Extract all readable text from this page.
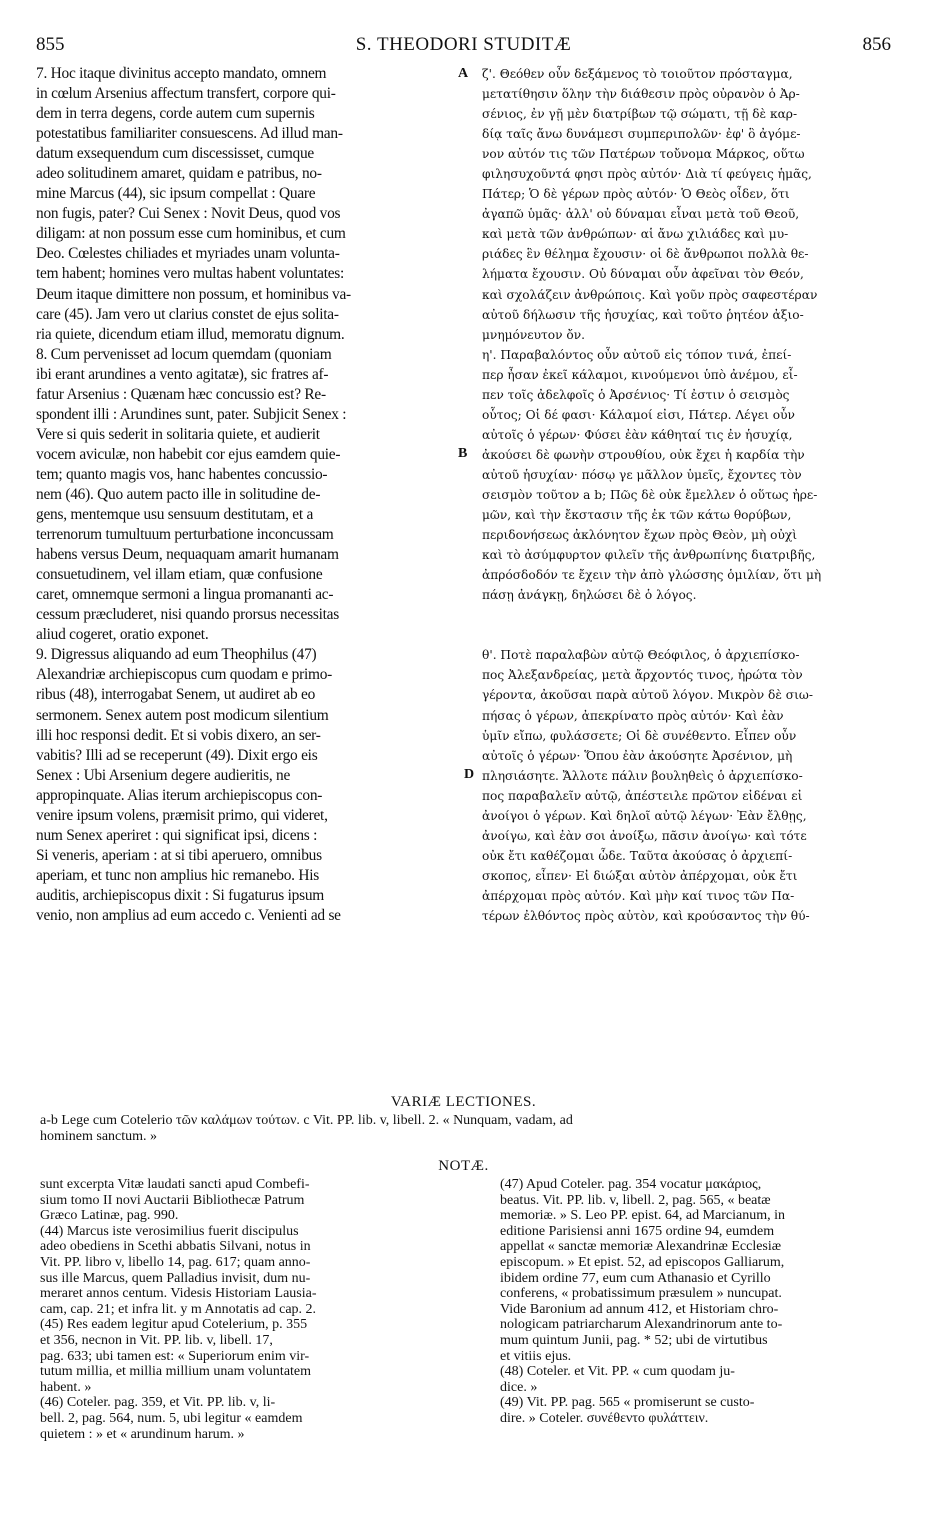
855	S. THEODORI STUDITÆ	856
7. Hoc itaque divinitus accepto mandato, omnem
in cœlum Arsenius affectum transfert, corpore qui-
dem in terra degens, corde autem cum supernis
potestatibus familiariter consuescens. Ad illud man-
datum exsequendum cum discessisset, cumque
adeo solitudinem amaret, quidam e patribus, no-
mine Marcus (44), sic ipsum compellat : Quare
non fugis, pater? Cui Senex : Novit Deus, quod vos
diligam: at non possum esse cum hominibus, et cum
Deo. Cœlestes chiliades et myriades unam volunta-
tem habent; homines vero multas habent voluntates:
Deum itaque dimittere non possum, et hominibus va-
care (45). Jam vero ut clarius constet de ejus solita-
ria quiete, dicendum etiam illud, memoratu dignum.
8. Cum pervenisset ad locum quemdam (quoniam
ibi erant arundines a vento agitatæ), sic fratres af-
fatur Arsenius : Quænam hæc concussio est? Re-
spondent illi : Arundines sunt, pater. Subjicit Senex :
Vere si quis sederit in solitaria quiete, et audierit
vocem aviculæ, non habebit cor ejus eamdem quie-
tem; quanto magis vos, hanc habentes concussio-
nem (46). Quo autem pacto ille in solitudine de-
gens, mentemque usu sensuum destitutam, et a
terrenorum tumultuum perturbatione inconcussam
habens versus Deum, nequaquam amarit humanam
consuetudinem, vel illam etiam, quæ confusione
caret, omnemque sermoni a lingua promananti ac-
cessum præcluderet, nisi quando prorsus necessitas
aliud cogeret, oratio exponet.
9. Digressus aliquando ad eum Theophilus (47)
Alexandriæ archiepiscopus cum quodam e primo-
ribus (48), interrogabat Senem, ut audiret ab eo
sermonem. Senex autem post modicum silentium
illi hoc responsi dedit. Et si vobis dixero, an ser-
vabitis? Illi ad se receperunt (49). Dixit ergo eis
Senex : Ubi Arsenium degere audieritis, ne
appropinquate. Alias iterum archiepiscopus con-
venire ipsum volens, præmisit primo, qui videret,
num Senex aperiret : qui significat ipsi, dicens :
Si veneris, aperiam : at si tibi aperuero, omnibus
aperiam, et tunc non amplius hic remanebo. His
auditis, archiepiscopus dixit : Si fugaturus ipsum
venio, non amplius ad eum accedo c. Venienti ad se
ζ'. Θεόθεν οὖν δεξάμενος τὸ τοιοῦτον πρόσταγμα,
μετατίθησιν ὅλην τὴν διάθεσιν πρὸς οὐρανὸν ὁ Ἀρ-
σένιος, ἐν γῇ μὲν διατρίβων τῷ σώματι, τῇ δὲ καρ-
δίᾳ ταῖς ἄνω δυνάμεσι συμπεριπολῶν· ἐφ' ὃ ἀγόμε-
νον αὐτόν τις τῶν Πατέρων τοὔνομα Μάρκος, οὕτω
φιλησυχοῦντά φησι πρὸς αὐτόν· Διὰ τί φεύγεις ἡμᾶς,
Πάτερ; Ὁ δὲ γέρων πρὸς αὐτόν· Ὁ Θεὸς οἶδεν, ὅτι
ἀγαπῶ ὑμᾶς· ἀλλ' οὐ δύναμαι εἶναι μετὰ τοῦ Θεοῦ,
καὶ μετὰ τῶν ἀνθρώπων· αἱ ἄνω χιλιάδες καὶ μυ-
ριάδες ἓν θέλημα ἔχουσιν· οἱ δὲ ἄνθρωποι πολλὰ θε-
λήματα ἔχουσιν. Οὐ δύναμαι οὖν ἀφεῖναι τὸν Θεόν,
καὶ σχολάζειν ἀνθρώποις. Καὶ γοῦν πρὸς σαφεστέραν
αὐτοῦ δήλωσιν τῆς ἡσυχίας, καὶ τοῦτο ῥητέον ἀξιο-
μνημόνευτον ὄν.
η'. Παραβαλόντος οὖν αὐτοῦ εἰς τόπον τινά, ἐπεί-
περ ἦσαν ἐκεῖ κάλαμοι, κινούμενοι ὑπὸ ἀνέμου, εἶ-
πεν τοῖς ἀδελφοῖς ὁ Ἀρσένιος· Τί ἐστιν ὁ σεισμὸς
οὗτος; Οἱ δέ φασι· Κάλαμοί εἰσι, Πάτερ. Λέγει οὖν
αὐτοῖς ὁ γέρων· Φύσει ἐὰν κάθηταί τις ἐν ἡσυχίᾳ,
ἀκούσει δὲ φωνὴν στρουθίου, οὐκ ἔχει ἡ καρδία τὴν
αὐτοῦ ἡσυχίαν· πόσῳ γε μᾶλλον ὑμεῖς, ἔχοντες τὸν
σεισμὸν τοῦτον a b; Πῶς δὲ οὐκ ἔμελλεν ὁ οὕτως ἠρε-
μῶν, καὶ τὴν ἔκστασιν τῆς ἐκ τῶν κάτω θορύβων,
περιδονήσεως ἀκλόνητον ἔχων πρὸς Θεὸν, μὴ οὐχὶ
καὶ τὸ ἀσύμφυρτον φιλεῖν τῆς ἀνθρωπίνης διατριβῆς,
ἀπρόσδοδόν τε ἔχειν τὴν ἀπὸ γλώσσης ὁμιλίαν, ὅτι μὴ
πάσῃ ἀνάγκῃ, δηλώσει δὲ ὁ λόγος.

θ'. Ποτὲ παραλαβὼν αὐτῷ Θεόφιλος, ὁ ἀρχιεπίσκο-
πος Ἀλεξανδρείας, μετὰ ἄρχοντός τινος, ἠρώτα τὸν
γέροντα, ἀκοῦσαι παρὰ αὐτοῦ λόγον. Μικρὸν δὲ σιω-
πήσας ὁ γέρων, ἀπεκρίνατο πρὸς αὐτόν· Καὶ ἐὰν
ὑμῖν εἴπω, φυλάσσετε; Οἱ δὲ συνέθεντο. Εἶπεν οὖν
αὐτοῖς ὁ γέρων· Ὅπου ἐὰν ἀκούσητε Ἀρσένιον, μὴ
πλησιάσητε. Ἄλλοτε πάλιν βουληθεὶς ὁ ἀρχιεπίσκο-
πος παραβαλεῖν αὐτῷ, ἀπέστειλε πρῶτον εἰδέναι εἰ
ἀνοίγοι ὁ γέρων. Καὶ δηλοῖ αὐτῷ λέγων· Ἐὰν ἔλθῃς,
ἀνοίγω, καὶ ἐὰν σοι ἀνοίξω, πᾶσιν ἀνοίγω· καὶ τότε
οὐκ ἔτι καθέζομαι ὧδε. Ταῦτα ἀκούσας ὁ ἀρχιεπί-
σκοπος, εἶπεν· Εἰ διώξαι αὐτὸν ἀπέρχομαι, οὐκ ἔτι
ἀπέρχομαι πρὸς αὐτόν. Καὶ μὴν καί τινος τῶν Πα-
τέρων ἐλθόντος πρὸς αὐτὸν, καὶ κρούσαντος τὴν θύ-
A
B
D
VARIÆ LECTIONES.
a-b Lege cum Cotelerio τῶν καλάμων τούτων. c Vit. PP. lib. v, libell. 2. « Nunquam, vadam, ad
hominem sanctum. »
NOTÆ.
sunt excerpta Vitæ laudati sancti apud Combefi-
sium tomo II novi Auctarii Bibliothecæ Patrum
Græco Latinæ, pag. 990.
(44) Marcus iste verosimilius fuerit discipulus
adeo obediens in Scethi abbatis Silvani, notus in
Vit. PP. libro v, libello 14, pag. 617; quam anno-
sus ille Marcus, quem Palladius invisit, dum nu-
meraret annos centum. Videsis Historiam Lausia-
cam, cap. 21; et infra lit. y m Annotatis ad cap. 2.
(45) Res eadem legitur apud Cotelerium, p. 355
et 356, necnon in Vit. PP. lib. v, libell. 17,
pag. 633; ubi tamen est: « Superiorum enim vir-
tutum millia, et millia millium unam voluntatem
habent. »
(46) Coteler. pag. 359, et Vit. PP. lib. v, li-
bell. 2, pag. 564, num. 5, ubi legitur « eamdem
quietem : » et « arundinum harum. »
(47) Apud Coteler. pag. 354 vocatur μακάριος,
beatus. Vit. PP. lib. v, libell. 2, pag. 565, « beatæ
memoriæ. » S. Leo PP. epist. 64, ad Marcianum, in
editione Parisiensi anni 1675 ordine 94, eumdem
appellat « sanctæ memoriæ Alexandrinæ Ecclesiæ
episcopum. » Et epist. 52, ad episcopos Galliarum,
ibidem ordine 77, eum cum Athanasio et Cyrillo
conferens, « probatissimum præsulem » nuncupat.
Vide Baronium ad annum 412, et Historiam chro-
nologicam patriarcharum Alexandrinorum ante to-
mum quintum Junii, pag. * 52; ubi de virtutibus
et vitiis ejus.
(48) Coteler. et Vit. PP. « cum quodam ju-
dice. »
(49) Vit. PP. pag. 565 « promiserunt se custo-
dire. » Coteler. συνέθεντο φυλάττειν.
